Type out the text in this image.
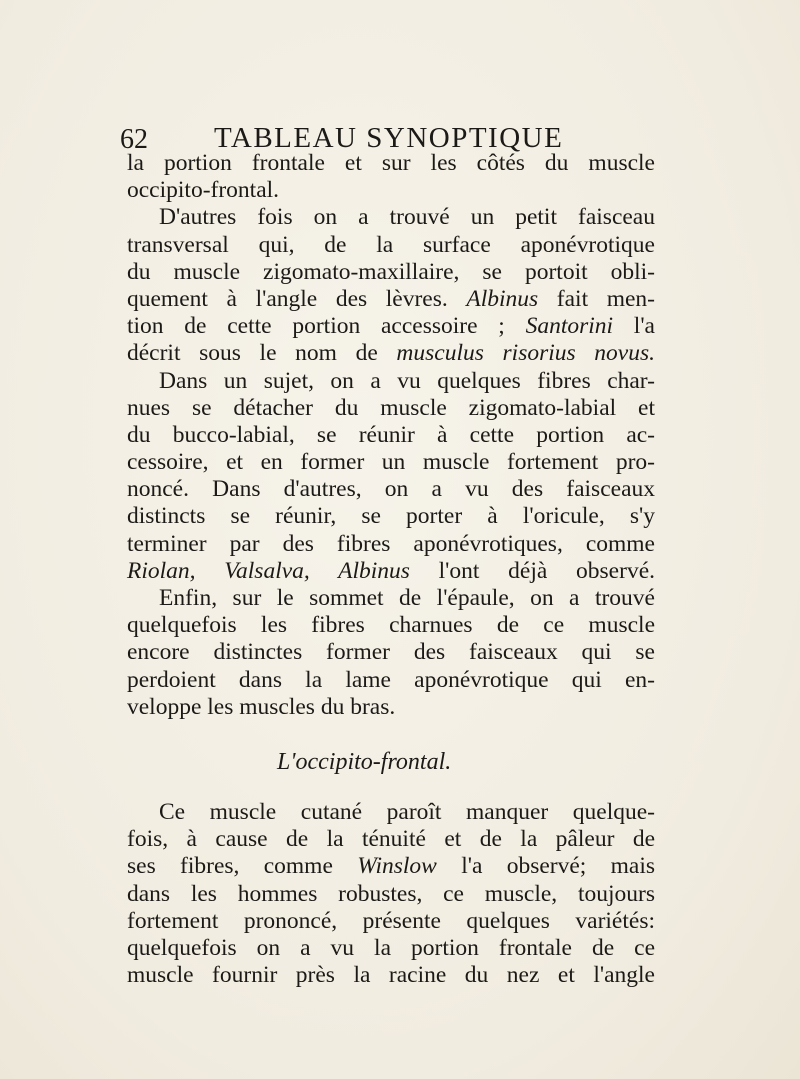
62 TABLEAU SYNOPTIQUE
la portion frontale et sur les côtés du muscle
occipito-frontal.
D'autres fois on a trouvé un petit faisceau
transversal qui, de la surface aponévrotique
du muscle zigomato-maxillaire, se portoit obli-
quement à l'angle des lèvres. Albinus fait men-
tion de cette portion accessoire ; Santorini l'a
décrit sous le nom de musculus risorius novus.
Dans un sujet, on a vu quelques fibres char-
nues se détacher du muscle zigomato-labial et
du bucco-labial, se réunir à cette portion ac-
cessoire, et en former un muscle fortement pro-
noncé. Dans d'autres, on a vu des faisceaux
distincts se réunir, se porter à l'oricule, s'y
terminer par des fibres aponévrotiques, comme
Riolan, Valsalva, Albinus l'ont déjà observé.
Enfin, sur le sommet de l'épaule, on a trouvé
quelquefois les fibres charnues de ce muscle
encore distinctes former des faisceaux qui se
perdoient dans la lame aponévrotique qui en-
veloppe les muscles du bras.
L'occipito-frontal.
Ce muscle cutané paroît manquer quelque-
fois, à cause de la ténuité et de la pâleur de
ses fibres, comme Winslow l'a observé; mais
dans les hommes robustes, ce muscle, toujours
fortement prononcé, présente quelques variétés:
quelquefois on a vu la portion frontale de ce
muscle fournir près la racine du nez et l'angle
